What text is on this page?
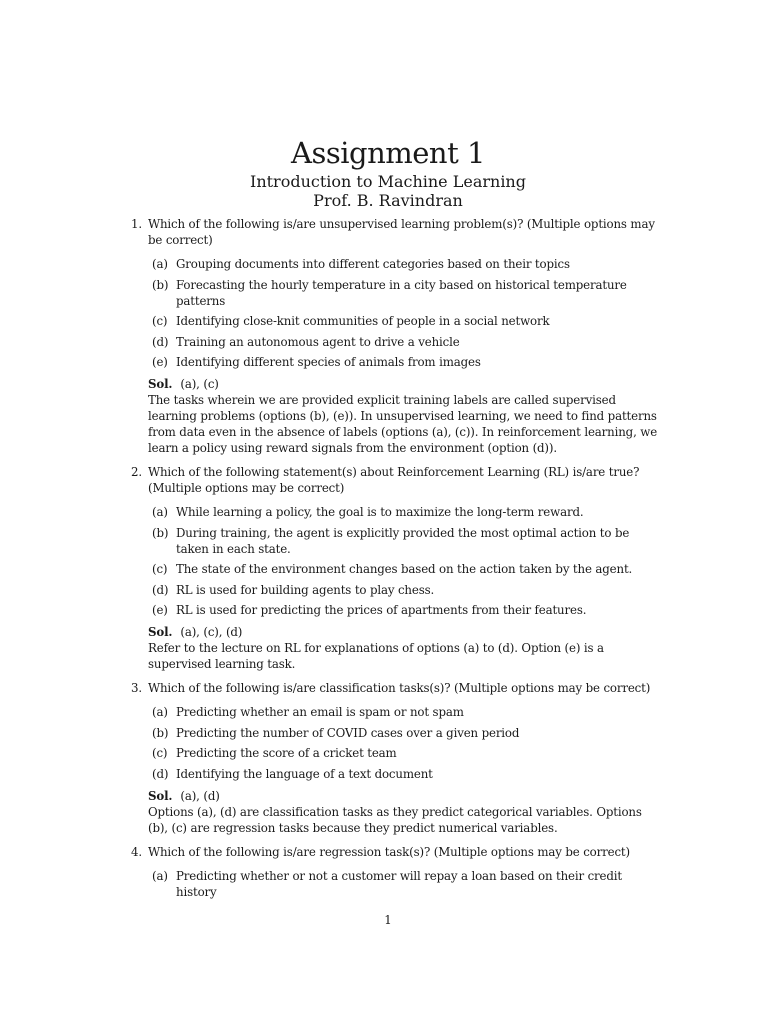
Assignment 1

Introduction to Machine Learning

Prof. B. Ravindran

1. Which of the following is/are unsupervised learning problem(s)? (Multiple options may be correct)
(a) Grouping documents into different categories based on their topics
(b) Forecasting the hourly temperature in a city based on historical temperature patterns
(c) Identifying close-knit communities of people in a social network
(d) Training an autonomous agent to drive a vehicle
(e) Identifying different species of animals from images
Sol. (a), (c)
The tasks wherein we are provided explicit training labels are called supervised learning problems (options (b), (e)). In unsupervised learning, we need to find patterns from data even in the absence of labels (options (a), (c)). In reinforcement learning, we learn a policy using reward signals from the environment (option (d)).
2. Which of the following statement(s) about Reinforcement Learning (RL) is/are true? (Multiple options may be correct)
(a) While learning a policy, the goal is to maximize the long-term reward.
(b) During training, the agent is explicitly provided the most optimal action to be taken in each state.
(c) The state of the environment changes based on the action taken by the agent.
(d) RL is used for building agents to play chess.
(e) RL is used for predicting the prices of apartments from their features.
Sol. (a), (c), (d)
Refer to the lecture on RL for explanations of options (a) to (d). Option (e) is a supervised learning task.
3. Which of the following is/are classification tasks(s)? (Multiple options may be correct)
(a) Predicting whether an email is spam or not spam
(b) Predicting the number of COVID cases over a given period
(c) Predicting the score of a cricket team
(d) Identifying the language of a text document
Sol. (a), (d)
Options (a), (d) are classification tasks as they predict categorical variables. Options (b), (c) are regression tasks because they predict numerical variables.
4. Which of the following is/are regression task(s)? (Multiple options may be correct)
(a) Predicting whether or not a customer will repay a loan based on their credit history
1
